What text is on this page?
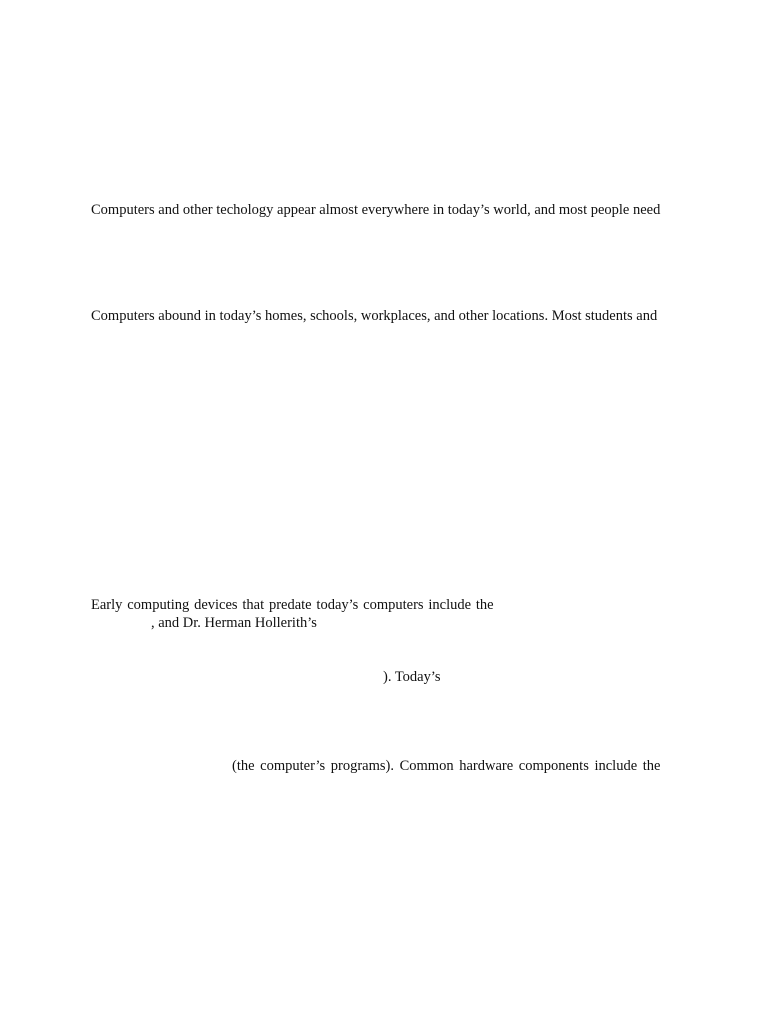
Computers and other techology appear almost everywhere in today’s world, and most people need
Computers abound in today’s homes, schools, workplaces, and other locations. Most students and
Early computing devices that predate today’s computers include the
, and Dr. Herman Hollerith’s
). Today’s
(the computer’s programs). Common hardware components include the
